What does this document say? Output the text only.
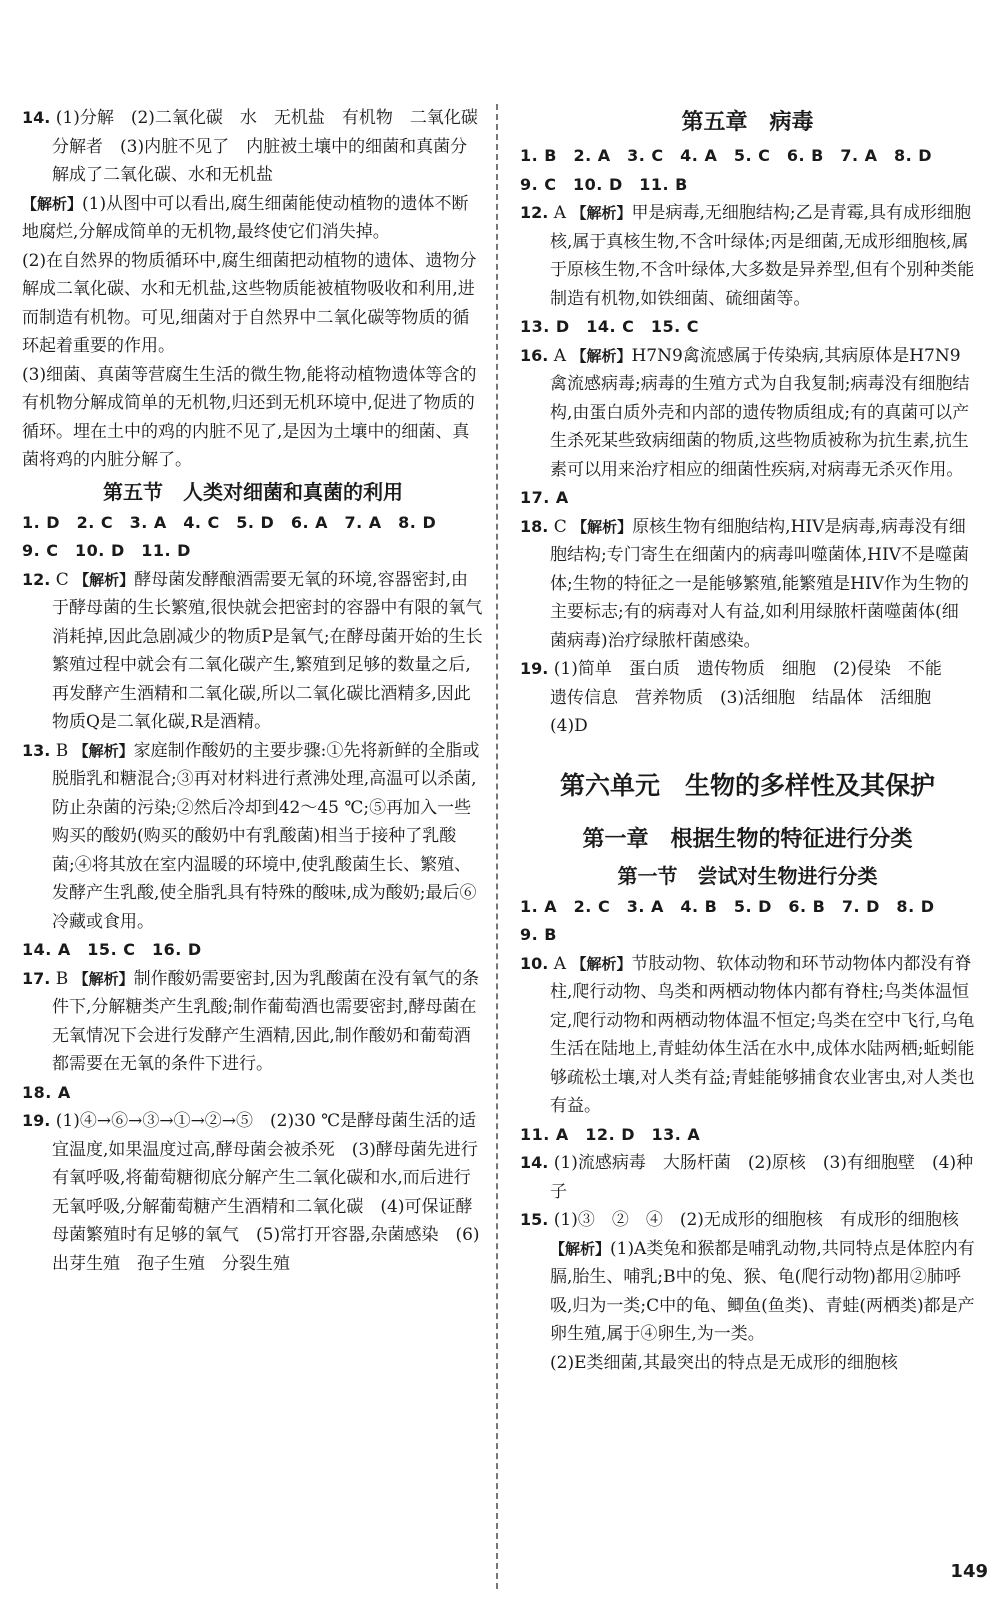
14. (1)分解　(2)二氧化碳　水　无机盐　有机物　二氧化碳　分解者　(3)内脏不见了　内脏被土壤中的细菌和真菌分解成了二氧化碳、水和无机盐

【解析】(1)从图中可以看出,腐生细菌能使动植物的遗体不断地腐烂,分解成简单的无机物,最终使它们消失掉。

(2)在自然界的物质循环中,腐生细菌把动植物的遗体、遗物分解成二氧化碳、水和无机盐,这些物质能被植物吸收和利用,进而制造有机物。可见,细菌对于自然界中二氧化碳等物质的循环起着重要的作用。

(3)细菌、真菌等营腐生生活的微生物,能将动植物遗体等含的有机物分解成简单的无机物,归还到无机环境中,促进了物质的循环。埋在土中的鸡的内脏不见了,是因为土壤中的细菌、真菌将鸡的内脏分解了。

第五节　人类对细菌和真菌的利用

1. D　2. C　3. A　4. C　5. D　6. A　7. A　8. D

9. C　10. D　11. D

12. C 【解析】酵母菌发酵酿酒需要无氧的环境,容器密封,由于酵母菌的生长繁殖,很快就会把密封的容器中有限的氧气消耗掉,因此急剧减少的物质P是氧气;在酵母菌开始的生长繁殖过程中就会有二氧化碳产生,繁殖到足够的数量之后,再发酵产生酒精和二氧化碳,所以二氧化碳比酒精多,因此物质Q是二氧化碳,R是酒精。

13. B 【解析】家庭制作酸奶的主要步骤:①先将新鲜的全脂或脱脂乳和糖混合;③再对材料进行煮沸处理,高温可以杀菌,防止杂菌的污染;②然后冷却到42～45 ℃;⑤再加入一些购买的酸奶(购买的酸奶中有乳酸菌)相当于接种了乳酸菌;④将其放在室内温暖的环境中,使乳酸菌生长、繁殖、发酵产生乳酸,使全脂乳具有特殊的酸味,成为酸奶;最后⑥冷藏或食用。

14. A　15. C　16. D

17. B 【解析】制作酸奶需要密封,因为乳酸菌在没有氧气的条件下,分解糖类产生乳酸;制作葡萄酒也需要密封,酵母菌在无氧情况下会进行发酵产生酒精,因此,制作酸奶和葡萄酒都需要在无氧的条件下进行。

18. A

19. (1)④→⑥→③→①→②→⑤　(2)30 ℃是酵母菌生活的适宜温度,如果温度过高,酵母菌会被杀死　(3)酵母菌先进行有氧呼吸,将葡萄糖彻底分解产生二氧化碳和水,而后进行无氧呼吸,分解葡萄糖产生酒精和二氧化碳　(4)可保证酵母菌繁殖时有足够的氧气　(5)常打开容器,杂菌感染　(6)出芽生殖　孢子生殖　分裂生殖

第五章　病毒

1. B　2. A　3. C　4. A　5. C　6. B　7. A　8. D

9. C　10. D　11. B

12. A 【解析】甲是病毒,无细胞结构;乙是青霉,具有成形细胞核,属于真核生物,不含叶绿体;丙是细菌,无成形细胞核,属于原核生物,不含叶绿体,大多数是异养型,但有个别种类能制造有机物,如铁细菌、硫细菌等。

13. D　14. C　15. C

16. A 【解析】H7N9禽流感属于传染病,其病原体是H7N9禽流感病毒;病毒的生殖方式为自我复制;病毒没有细胞结构,由蛋白质外壳和内部的遗传物质组成;有的真菌可以产生杀死某些致病细菌的物质,这些物质被称为抗生素,抗生素可以用来治疗相应的细菌性疾病,对病毒无杀灭作用。

17. A

18. C 【解析】原核生物有细胞结构,HIV是病毒,病毒没有细胞结构;专门寄生在细菌内的病毒叫噬菌体,HIV不是噬菌体;生物的特征之一是能够繁殖,能繁殖是HIV作为生物的主要标志;有的病毒对人有益,如利用绿脓杆菌噬菌体(细菌病毒)治疗绿脓杆菌感染。

19. (1)简单　蛋白质　遗传物质　细胞　(2)侵染　不能　遗传信息　营养物质　(3)活细胞　结晶体　活细胞　(4)D

第六单元　生物的多样性及其保护
第一章　根据生物的特征进行分类
第一节　尝试对生物进行分类

1. A　2. C　3. A　4. B　5. D　6. B　7. D　8. D

9. B

10. A 【解析】节肢动物、软体动物和环节动物体内都没有脊柱,爬行动物、鸟类和两栖动物体内都有脊柱;鸟类体温恒定,爬行动物和两栖动物体温不恒定;鸟类在空中飞行,乌龟生活在陆地上,青蛙幼体生活在水中,成体水陆两栖;蚯蚓能够疏松土壤,对人类有益;青蛙能够捕食农业害虫,对人类也有益。

11. A　12. D　13. A

14. (1)流感病毒　大肠杆菌　(2)原核　(3)有细胞壁　(4)种子

15. (1)③　②　④　(2)无成形的细胞核　有成形的细胞核

【解析】(1)A类兔和猴都是哺乳动物,共同特点是体腔内有膈,胎生、哺乳;B中的兔、猴、龟(爬行动物)都用②肺呼吸,归为一类;C中的龟、鲫鱼(鱼类)、青蛙(两栖类)都是产卵生殖,属于④卵生,为一类。

(2)E类细菌,其最突出的特点是无成形的细胞核

149
